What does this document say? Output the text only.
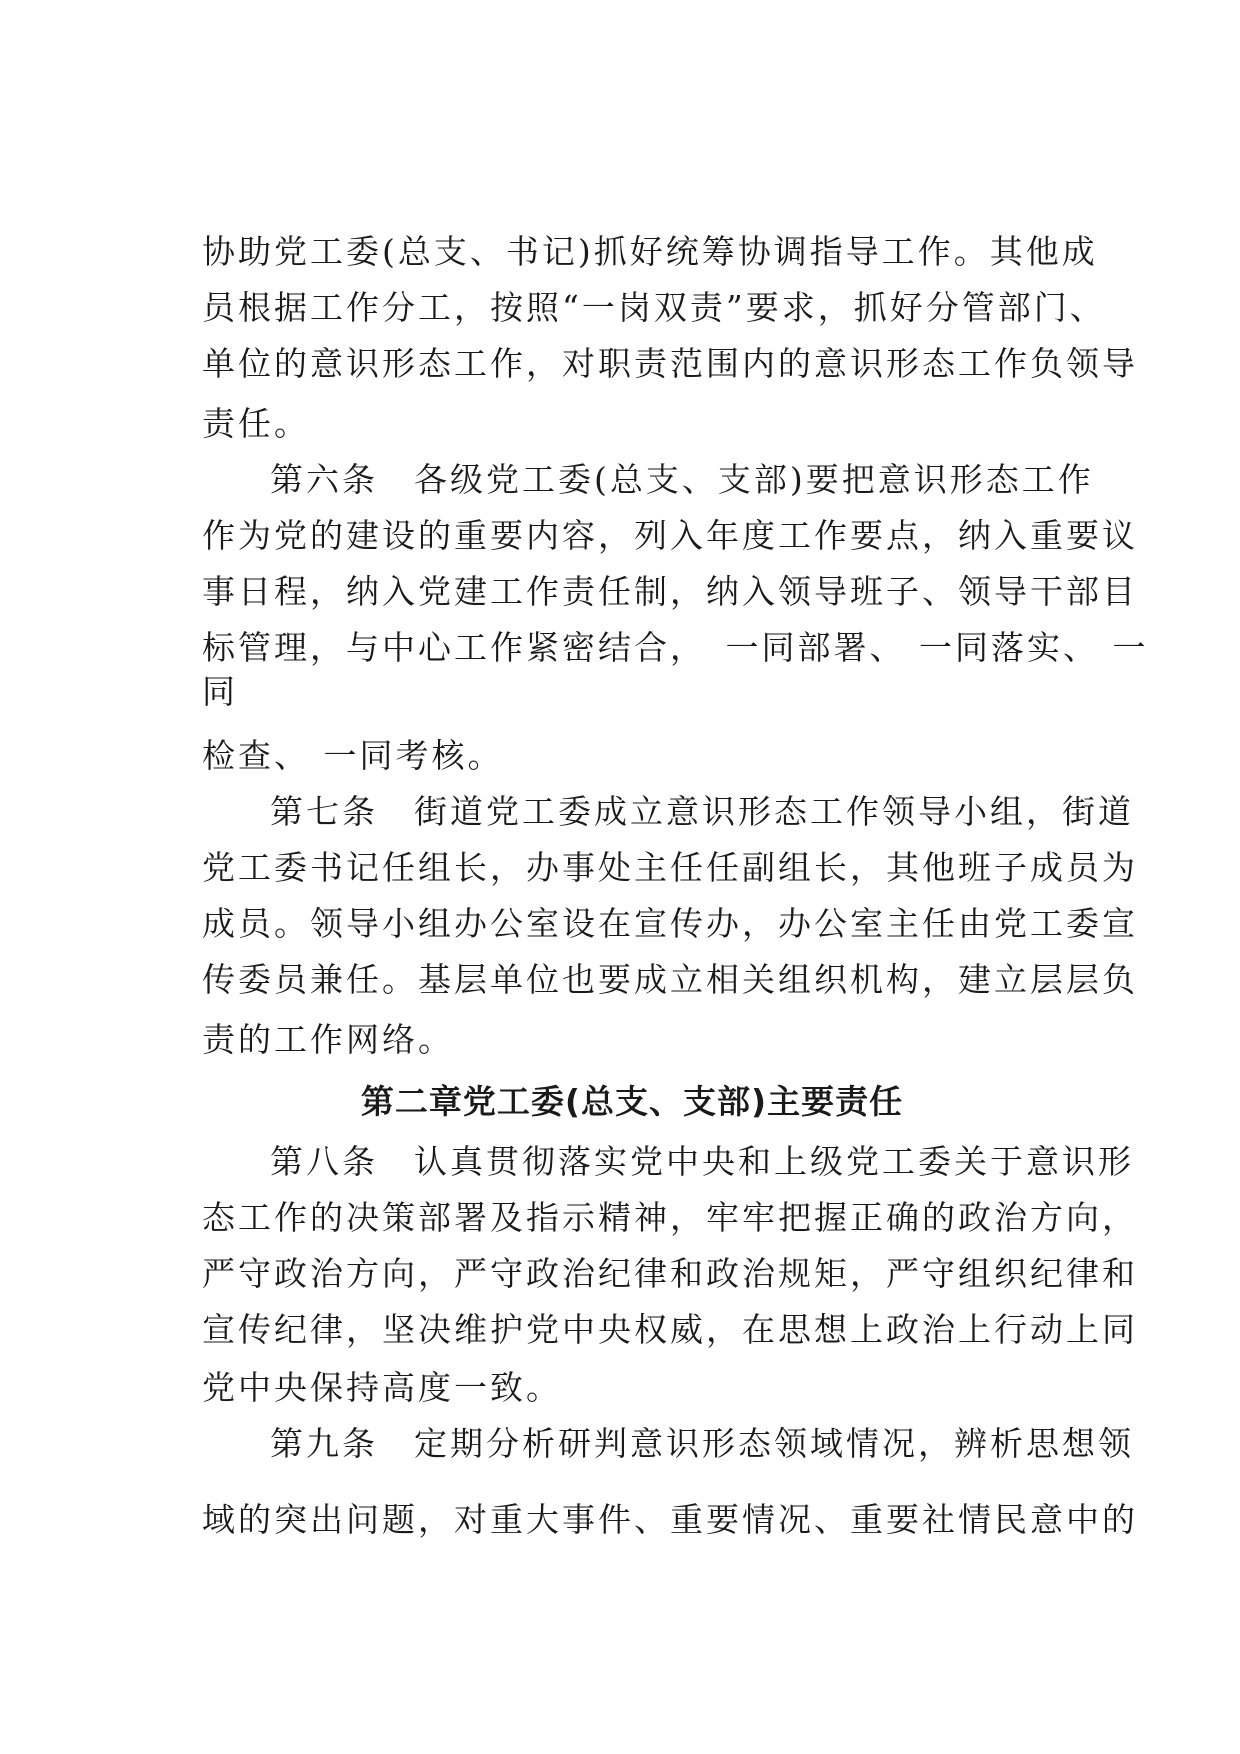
协助党工委(总支、书记)抓好统筹协调指导工作。其他成
员根据工作分工，按照“一岗双责”要求，抓好分管部门、
单位的意识形态工作，对职责范围内的意识形态工作负领导
责任。
第六条　各级党工委(总支、支部)要把意识形态工作
作为党的建设的重要内容，列入年度工作要点，纳入重要议
事日程，纳入党建工作责任制，纳入领导班子、领导干部目
标管理，与中心工作紧密结合，　一同部署、 一同落实、 一
同
检查、 一同考核。
第七条　街道党工委成立意识形态工作领导小组，街道
党工委书记任组长，办事处主任任副组长，其他班子成员为
成员。领导小组办公室设在宣传办，办公室主任由党工委宣
传委员兼任。基层单位也要成立相关组织机构，建立层层负
责的工作网络。
第二章党工委(总支、支部)主要责任
第八条　认真贯彻落实党中央和上级党工委关于意识形
态工作的决策部署及指示精神，牢牢把握正确的政治方向，
严守政治方向，严守政治纪律和政治规矩，严守组织纪律和
宣传纪律，坚决维护党中央权威，在思想上政治上行动上同
党中央保持高度一致。
第九条　定期分析研判意识形态领域情况，辨析思想领
域的突出问题，对重大事件、重要情况、重要社情民意中的
